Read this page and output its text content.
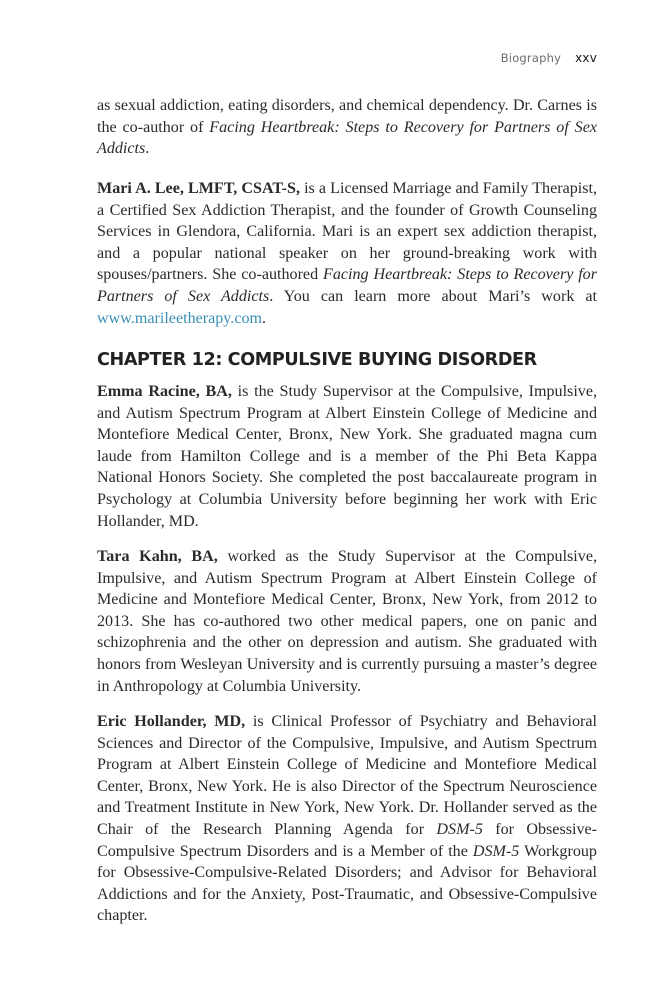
Biography xxv

as sexual addiction, eating disorders, and chemical dependency. Dr. Carnes is the co-author of Facing Heartbreak: Steps to Recovery for Partners of Sex Addicts.

Mari A. Lee, LMFT, CSAT-S, is a Licensed Marriage and Family Therapist, a Certified Sex Addiction Therapist, and the founder of Growth Counseling Services in Glendora, California. Mari is an expert sex addiction therapist, and a popular national speaker on her ground-breaking work with spouses/partners. She co-authored Facing Heartbreak: Steps to Recovery for Partners of Sex Addicts. You can learn more about Mari’s work at www.marileetherapy.com.

CHAPTER 12: COMPULSIVE BUYING DISORDER

Emma Racine, BA, is the Study Supervisor at the Compulsive, Impulsive, and Autism Spectrum Program at Albert Einstein College of Medicine and Montefiore Medical Center, Bronx, New York. She graduated magna cum laude from Hamilton College and is a member of the Phi Beta Kappa National Honors Society. She completed the post baccalaureate program in Psychology at Columbia University before beginning her work with Eric Hollander, MD.

Tara Kahn, BA, worked as the Study Supervisor at the Compulsive, Impulsive, and Autism Spectrum Program at Albert Einstein College of Medicine and Montefiore Medical Center, Bronx, New York, from 2012 to 2013. She has co-authored two other medical papers, one on panic and schizophrenia and the other on depression and autism. She graduated with honors from Wesleyan University and is currently pursuing a master’s degree in Anthropology at Columbia University.

Eric Hollander, MD, is Clinical Professor of Psychiatry and Behavioral Sciences and Director of the Compulsive, Impulsive, and Autism Spectrum Program at Albert Einstein College of Medicine and Montefiore Medical Center, Bronx, New York. He is also Director of the Spectrum Neuroscience and Treatment Institute in New York, New York. Dr. Hollander served as the Chair of the Research Planning Agenda for DSM-5 for Obsessive-Compulsive Spectrum Disorders and is a Member of the DSM-5 Workgroup for Obsessive-Compulsive-Related Disorders; and Advisor for Behavioral Addictions and for the Anxiety, Post-Traumatic, and Obsessive-Compulsive chapter.
